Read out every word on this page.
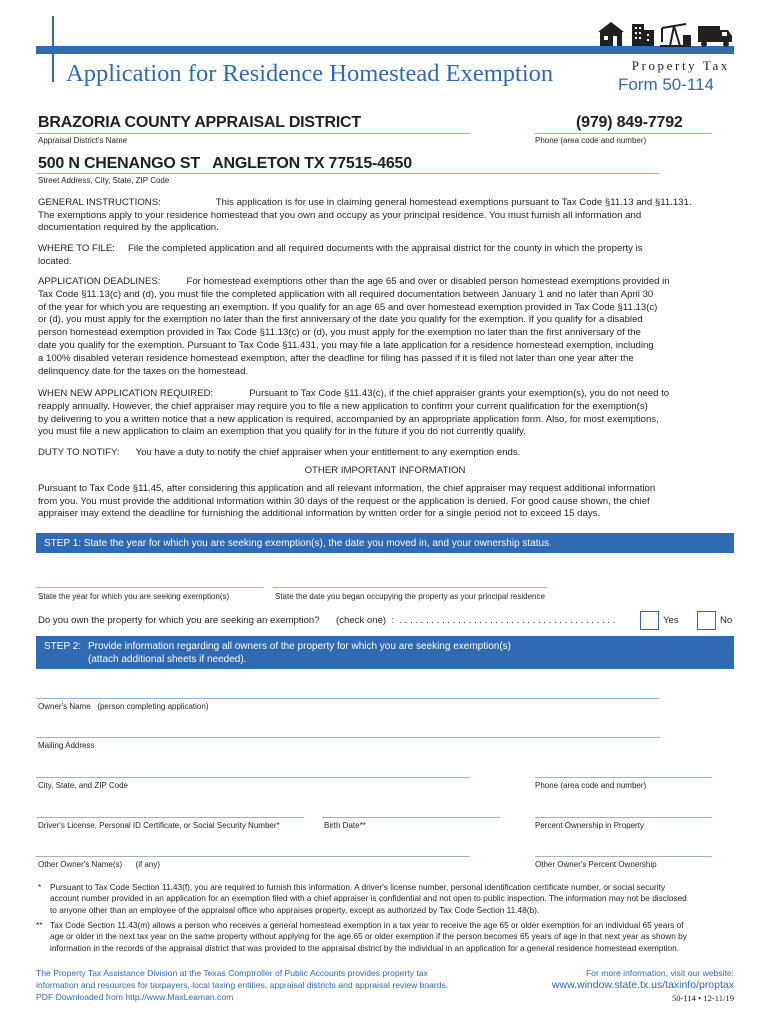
Application for Residence Homestead Exemption	Property Tax
Form 50-114
BRAZORIA COUNTY APPRAISAL DISTRICT
Appraisal District's Name
(979) 849-7792
Phone (area code and number)
500 N CHENANGO ST   ANGLETON TX 77515-4650
Street Address, City, State, ZIP Code
GENERAL INSTRUCTIONS:	This application is for use in claiming general homestead exemptions pursuant to Tax Code §11.13 and §11.131.
The exemptions apply to your residence homestead that you own and occupy as your principal residence. You must furnish all information and
documentation required by the application.
WHERE TO FILE: File the completed application and all required documents with the appraisal district for the county in which the property is
located.
APPLICATION DEADLINES:	For homestead exemptions other than the age 65 and over or disabled person homestead exemptions provided in
Tax Code §11.13(c) and (d), you must file the completed application with all required documentation between January 1 and no later than April 30
of the year for which you are requesting an exemption. If you qualify for an age 65 and over homestead exemption provided in Tax Code §11.13(c)
or (d), you must apply for the exemption no later than the first anniversary of the date you qualify for the exemption. If you qualify for a disabled
person homestead exemption provided in Tax Code §11.13(c) or (d), you must apply for the exemption no later than the first anniversary of the
date you qualify for the exemption. Pursuant to Tax Code §11.431, you may file a late application for a residence homestead exemption, including
a 100% disabled veteran residence homestead exemption, after the deadline for filing has passed if it is filed not later than one year after the
delinquency date for the taxes on the homestead.
WHEN NEW APPLICATION REQUIRED:	Pursuant to Tax Code §11.43(c), if the chief appraiser grants your exemption(s), you do not need to
reapply annually. However, the chief appraiser may require you to file a new application to confirm your current qualification for the exemption(s)
by delivering to you a written notice that a new application is required, accompanied by an appropriate application form. Also, for most exemptions,
you must file a new application to claim an exemption that you qualify for in the future if you do not currently qualify.
DUTY TO NOTIFY: You have a duty to notify the chief appraiser when your entitlement to any exemption ends.
OTHER IMPORTANT INFORMATION
Pursuant to Tax Code §11.45, after considering this application and all relevant information, the chief appraiser may request additional information
from you. You must provide the additional information within 30 days of the request or the application is denied. For good cause shown, the chief
appraiser may extend the deadline for furnishing the additional information by written order for a single period not to exceed 15 days.
STEP 1: State the year for which you are seeking exemption(s), the date you moved in, and your ownership status.
State the year for which you are seeking exemption(s)	State the date you began occupying the property as your principal residence
Do you own the property for which you are seeking an exemption? (check one)  :  . . . . . . . . . . . . . . . . . . . . . . . . . . . . . . . . . . . . . . . . .	Yes	No
STEP 2: Provide information regarding all owners of the property for which you are seeking exemption(s)
(attach additional sheets if needed).
Owner's Name   (person completing application)
Mailing Address
City, State, and ZIP Code	Phone (area code and number)
Driver's License, Personal ID Certificate, or Social Security Number*	Birth Date**	Percent Ownership in Property
Other Owner's Name(s)      (if any)	Other Owner's Percent Ownership
* Pursuant to Tax Code Section 11.43(f), you are required to furnish this information. A driver's license number, personal identification certificate number, or social security
account number provided in an application for an exemption filed with a chief appraiser is confidential and not open to public inspection. The information may not be disclosed
to anyone other than an employee of the appraisal office who appraises property, except as authorized by Tax Code Section 11.48(b).
** Tax Code Section 11.43(m) allows a person who receives a general homestead exemption in a tax year to receive the age 65 or older exemption for an individual 65 years of
age or older in the next tax year on the same property without applying for the age 65 or older exemption if the person becomes 65 years of age in that next year as shown by
information in the records of the appraisal district that was provided to the appraisal district by the individual in an application for a general residence homestead exemption.
The Property Tax Assistance Division at the Texas Comptroller of Public Accounts provides property tax
information and resources for taxpayers, local taxing entities, appraisal districts and appraisal review boards.
PDF Downloaded from http://www.MaxLeaman.com
For more information, visit our website:
www.window.state.tx.us/taxinfo/proptax
50-114 • 12-11/19
